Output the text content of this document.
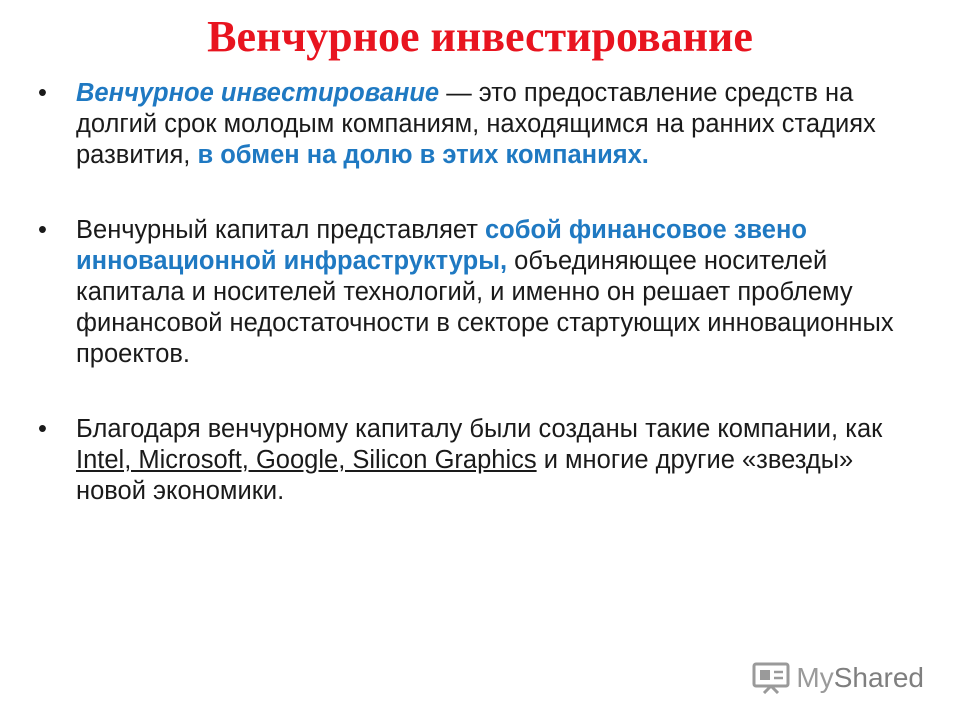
Венчурное инвестирование
• Венчурное инвестирование — это предоставление средств на долгий срок молодым компаниям, находящимся на ранних стадиях развития, в обмен на долю в этих компаниях.
• Венчурный капитал представляет собой финансовое звено инновационной инфраструктуры, объединяющее носителей капитала и носителей технологий, и именно он решает проблему финансовой недостаточности в секторе стартующих инновационных проектов.
• Благодаря венчурному капиталу были созданы такие компании, как Intel, Microsoft, Google, Silicon Graphics и многие другие «звезды» новой экономики.
MyShared
